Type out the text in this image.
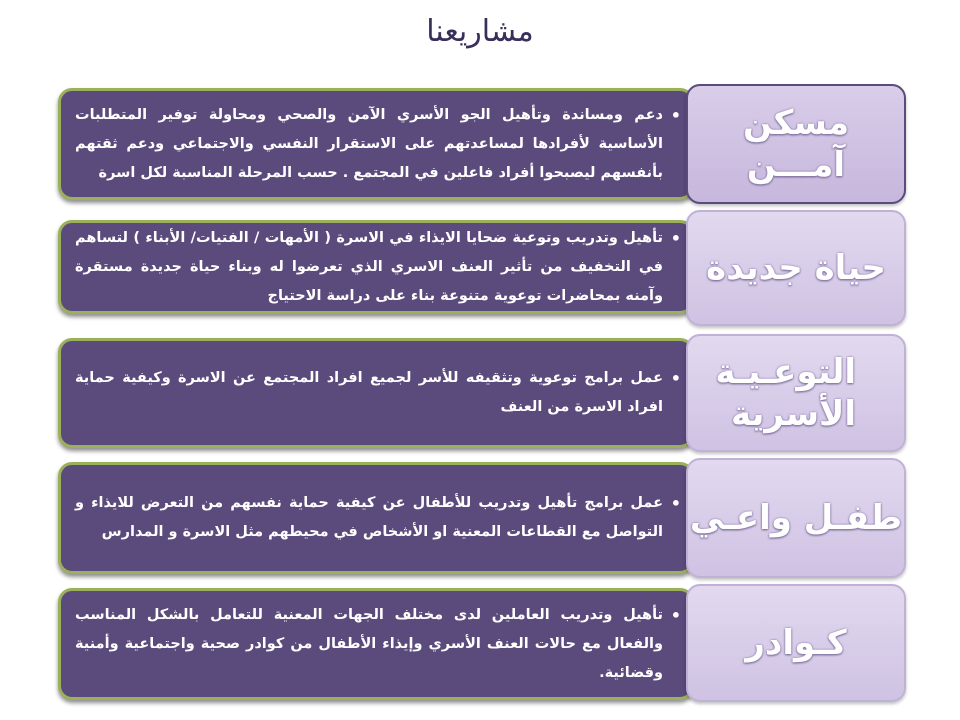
مشاريعنا
• دعم ومساندة وتأهيل الجو الأسري الآمن والصحي ومحاولة توفير المتطلبات الأساسية لأفرادها لمساعدتهم على الاستقرار النفسي والاجتماعي ودعم ثقتهم بأنفسهم ليصبحوا أفراد فاعلين في المجتمع . حسب المرحلة المناسبة لكل اسرة
مسكن آمـــن
• تأهيل وتدريب وتوعية ضحايا الايذاء في الاسرة ( الأمهات / الفتيات/ الأبناء ) لتساهم في التخفيف من تأثير العنف الاسري الذي تعرضوا له وبناء حياة جديدة مستقرة وآمنه بمحاضرات توعوية متنوعة بناء على دراسة الاحتياج
حياة جديدة
• عمل برامج توعوية وتثقيفه للأسر لجميع افراد المجتمع عن الاسرة وكيفية حماية افراد الاسرة من العنف
التوعـيـة الأسرية
• عمل برامج تأهيل وتدريب للأطفال عن كيفية حماية نفسهم من التعرض للايذاء و التواصل مع القطاعات المعنية او الأشخاص في محيطهم مثل الاسرة و المدارس طفـل واعـي
• تأهيل وتدريب العاملين لدى مختلف الجهات المعنية للتعامل بالشكل المناسب والفعال مع حالات العنف الأسري وإيذاء الأطفال من كوادر صحية واجتماعية وأمنية وقضائية.
كـوادر
